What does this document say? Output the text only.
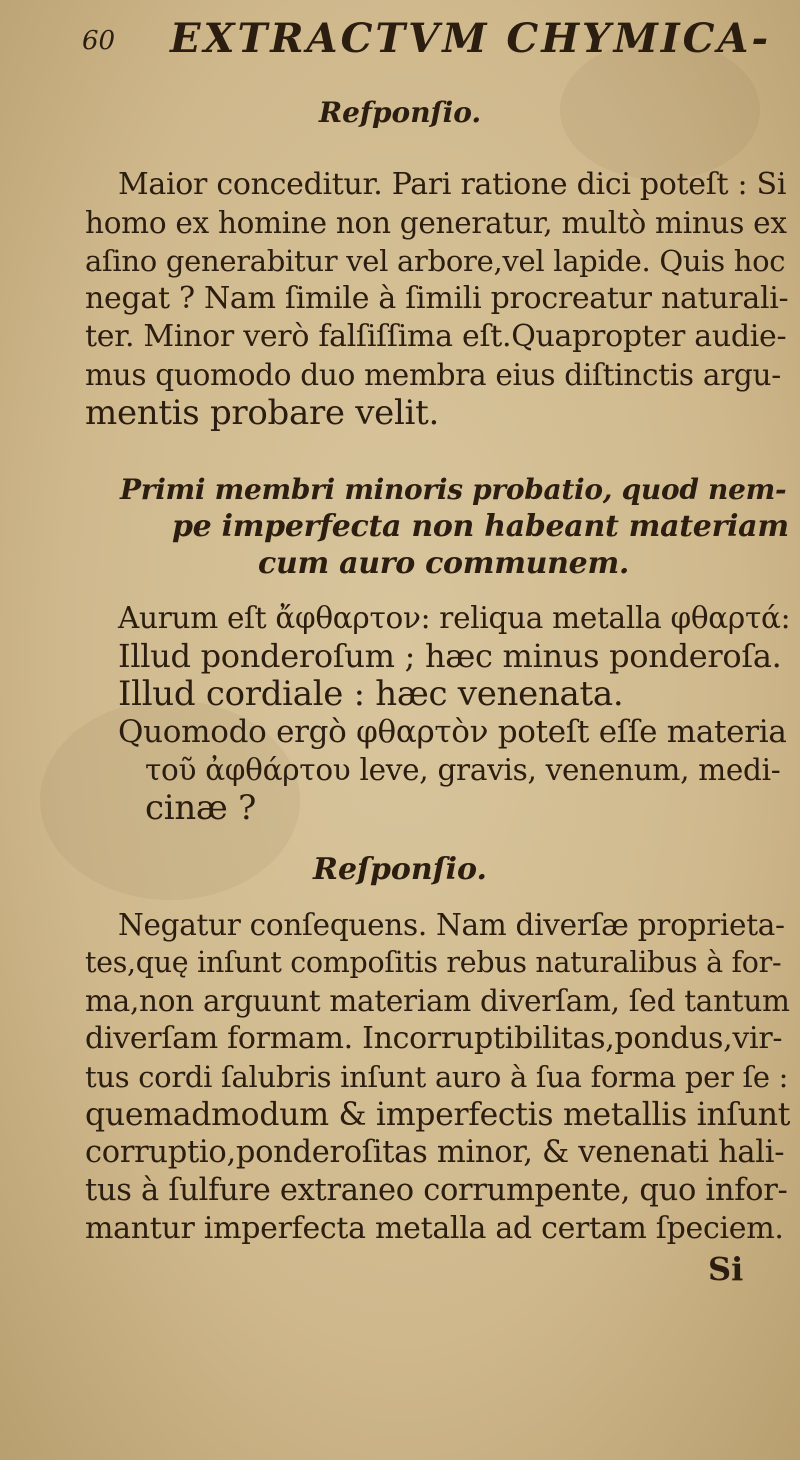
60 EXTRACTVM CHYMICA-

Refponſio.

Maior conceditur. Pari ratione dici poteſt : Si

homo ex homine non generatur, multò minus ex

aſino generabitur vel arbore,vel lapide. Quis hoc

negat ? Nam ſimile à ſimili procreatur naturali-

ter. Minor verò falſiſſima eſt.Quapropter audie-

mus quomodo duo membra eius diſtinctis argu-

mentis probare velit.

Primi membri minoris probatio, quod nem-

pe imperfecta non habeant materiam

cum auro communem.

Aurum eſt ἄφθαρτον: reliqua metalla φθαρτά:

Illud ponderoſum ; hæc minus ponderoſa.

Illud cordiale : hæc venenata.

Quomodo ergò φθαρτὸν poteſt eſſe materia

τοῦ ἀφθάρτου leve, gravis, venenum, medi-

cinæ ?

Reſponſio.

Negatur conſequens. Nam diverſæ proprieta-

tes,quę inſunt compoſitis rebus naturalibus à for-

ma,non arguunt materiam diverſam, ſed tantum

diverſam formam. Incorruptibilitas,pondus,vir-

tus cordi ſalubris inſunt auro à ſua forma per ſe :

quemadmodum & imperfectis metallis inſunt

corruptio,ponderoſitas minor, & venenati hali-

tus à ſulfure extraneo corrumpente, quo infor-

mantur imperfecta metalla ad certam ſpeciem.

Si
